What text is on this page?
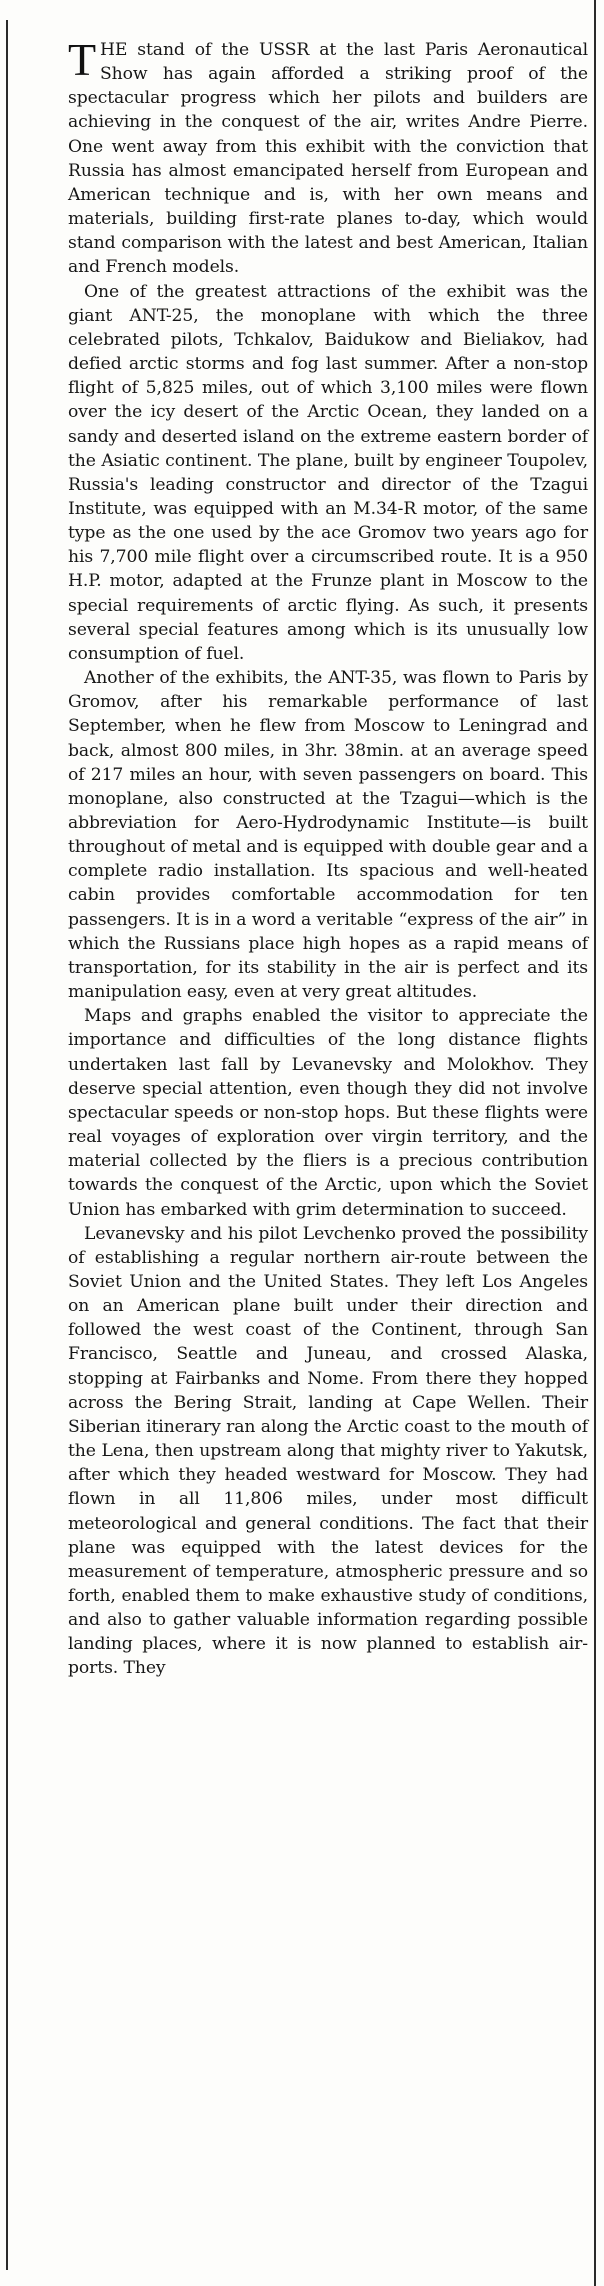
THE stand of the USSR at the last Paris Aeronautical Show has again afforded a striking proof of the spectacular progress which her pilots and builders are achieving in the conquest of the air, writes Andre Pierre. One went away from this exhibit with the conviction that Russia has almost emancipated herself from European and American technique and is, with her own means and materials, building first-rate planes to-day, which would stand comparison with the latest and best American, Italian and French models.

One of the greatest attractions of the exhibit was the giant ANT-25, the monoplane with which the three celebrated pilots, Tchkalov, Baidukow and Bieliakov, had defied arctic storms and fog last summer. After a non-stop flight of 5,825 miles, out of which 3,100 miles were flown over the icy desert of the Arctic Ocean, they landed on a sandy and deserted island on the extreme eastern border of the Asiatic continent. The plane, built by engineer Toupolev, Russia's leading constructor and director of the Tzagui Institute, was equipped with an M.34-R motor, of the same type as the one used by the ace Gromov two years ago for his 7,700 mile flight over a circumscribed route. It is a 950 H.P. motor, adapted at the Frunze plant in Moscow to the special requirements of arctic flying. As such, it presents several special features among which is its unusually low consumption of fuel.

Another of the exhibits, the ANT-35, was flown to Paris by Gromov, after his remarkable performance of last September, when he flew from Moscow to Leningrad and back, almost 800 miles, in 3hr. 38min. at an average speed of 217 miles an hour, with seven passengers on board. This monoplane, also constructed at the Tzagui—which is the abbreviation for Aero-Hydrodynamic Institute—is built throughout of metal and is equipped with double gear and a complete radio installation. Its spacious and well-heated cabin provides comfortable accommodation for ten passengers. It is in a word a veritable “express of the air” in which the Russians place high hopes as a rapid means of transportation, for its stability in the air is perfect and its manipulation easy, even at very great altitudes.

Maps and graphs enabled the visitor to appreciate the importance and difficulties of the long distance flights undertaken last fall by Levanevsky and Molokhov. They deserve special attention, even though they did not involve spectacular speeds or non-stop hops. But these flights were real voyages of exploration over virgin territory, and the material collected by the fliers is a precious contribution towards the conquest of the Arctic, upon which the Soviet Union has embarked with grim determination to succeed.

Levanevsky and his pilot Levchenko proved the possibility of establishing a regular northern air-route between the Soviet Union and the United States. They left Los Angeles on an American plane built under their direction and followed the west coast of the Continent, through San Francisco, Seattle and Juneau, and crossed Alaska, stopping at Fairbanks and Nome. From there they hopped across the Bering Strait, landing at Cape Wellen. Their Siberian itinerary ran along the Arctic coast to the mouth of the Lena, then upstream along that mighty river to Yakutsk, after which they headed westward for Moscow. They had flown in all 11,806 miles, under most difficult meteorological and general conditions. The fact that their plane was equipped with the latest devices for the measurement of temperature, atmospheric pressure and so forth, enabled them to make exhaustive study of conditions, and also to gather valuable information regarding possible landing places, where it is now planned to establish air-ports. They
